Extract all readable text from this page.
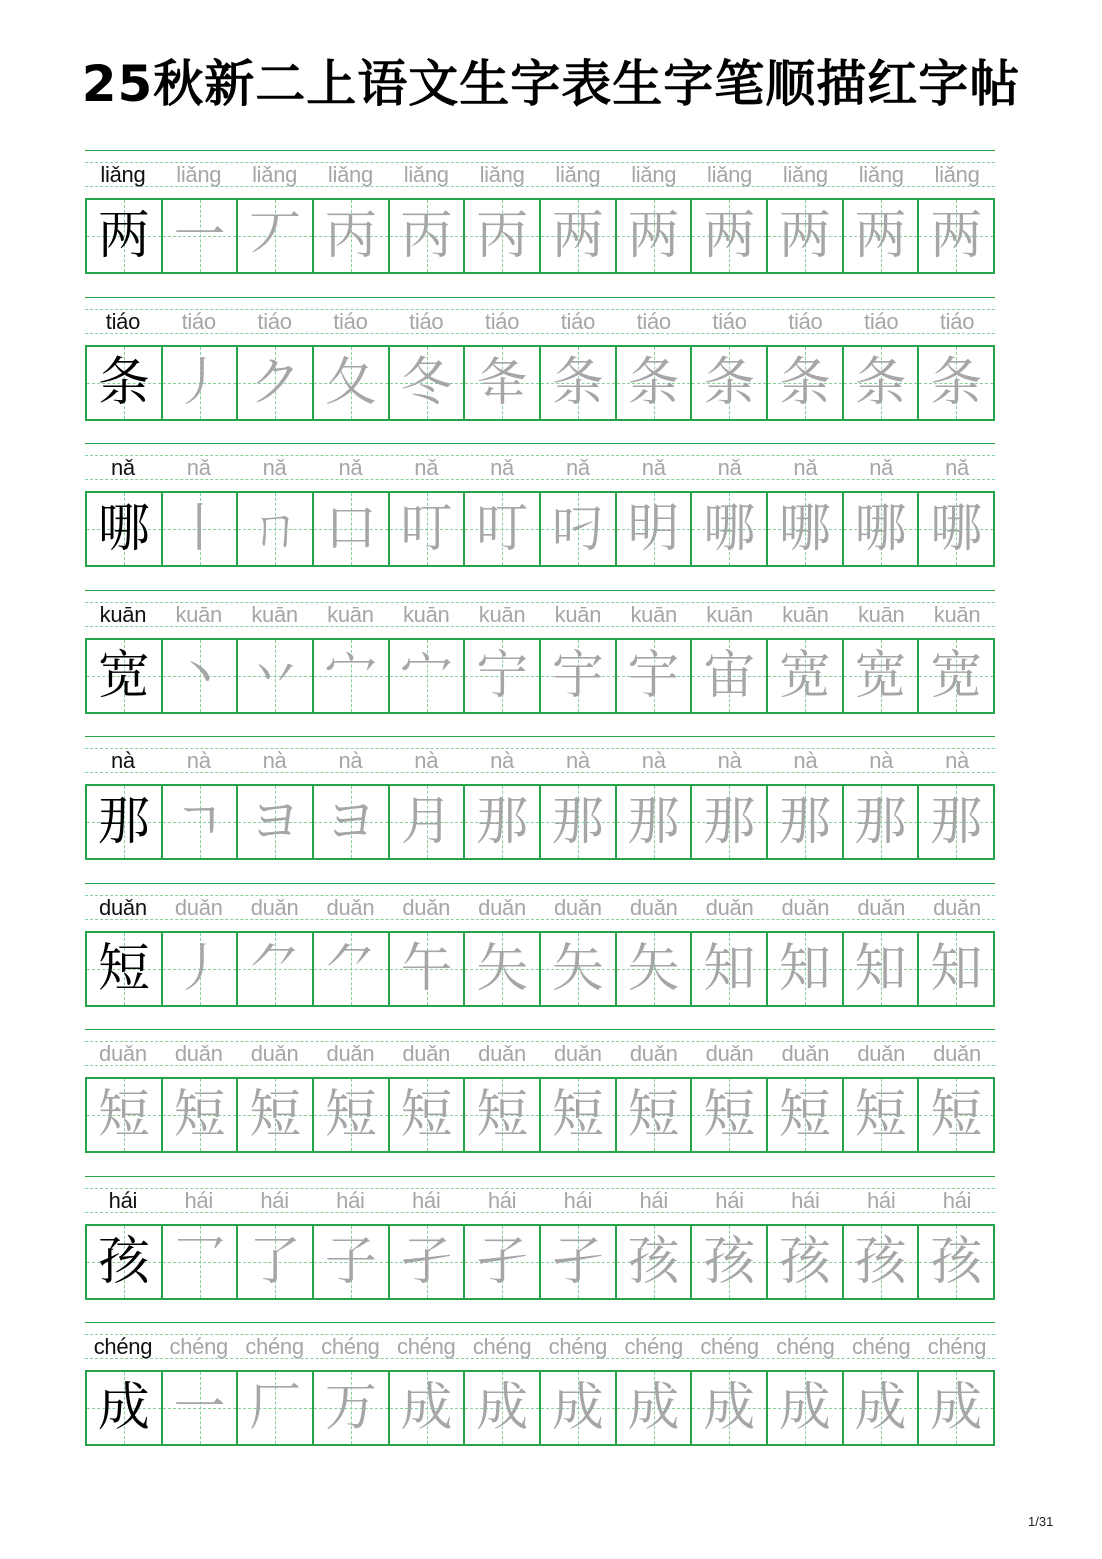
25秋新二上语文生字表生字笔顺描红字帖
liǎng	liǎng	liǎng	liǎng	liǎng	liǎng	liǎng	liǎng	liǎng	liǎng	liǎng	liǎng
两 一 丆 丙 丙 丙 两 两 两 两 两 两
tiáo	tiáo	tiáo	tiáo	tiáo	tiáo	tiáo	tiáo	tiáo	tiáo	tiáo	tiáo
条 丿 ク 夂 冬 夅 条 条 条 条 条 条
nǎ	nǎ	nǎ	nǎ	nǎ	nǎ	nǎ	nǎ	nǎ	nǎ	nǎ	nǎ
哪 丨 ㄇ 口 叮 叮 叼 明 哪 哪 哪 哪
kuān	kuān	kuān	kuān	kuān	kuān	kuān	kuān	kuān	kuān	kuān	kuān
宽 丶 丷 宀 宀 宁 宇 宇 宙 宽 宽 宽
nà	nà	nà	nà	nà	nà	nà	nà	nà	nà	nà	nà
那 ㄱ ヨ ヨ 月 那 那 那 那 那 那 那
duǎn	duǎn	duǎn	duǎn	duǎn	duǎn	duǎn	duǎn	duǎn	duǎn	duǎn	duǎn
短 丿 ⺈ ⺈ 午 矢 矢 矢 知 知 知 知
duǎn	duǎn	duǎn	duǎn	duǎn	duǎn	duǎn	duǎn	duǎn	duǎn	duǎn	duǎn
短 短 短 短 短 短 短 短 短 短 短 短
hái	hái	hái	hái	hái	hái	hái	hái	hái	hái	hái	hái
孩 乛 了 子 孑 孑 孑 孩 孩 孩 孩 孩
chéng chéng chéng chéng chéng chéng chéng chéng chéng chéng chéng chéng
成 一 厂 万 成 成 成 成 成 成 成 成
1/31
